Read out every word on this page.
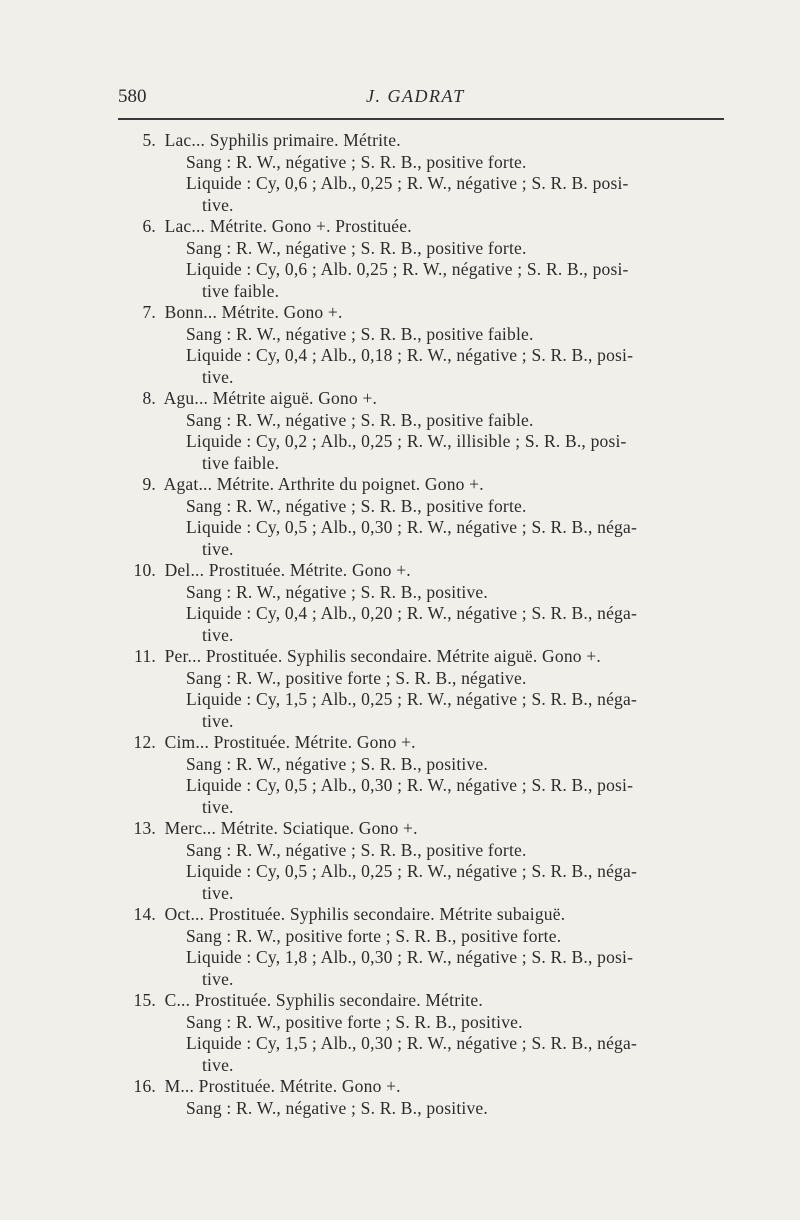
580	J. GADRAT
5. Lac... Syphilis primaire. Métrite.
Sang : R. W., négative ; S. R. B., positive forte.
Liquide : Cy, 0,6 ; Alb., 0,25 ; R. W., négative ; S. R. B. posi-
tive.
6. Lac... Métrite. Gono +. Prostituée.
Sang : R. W., négative ; S. R. B., positive forte.
Liquide : Cy, 0,6 ; Alb. 0,25 ; R. W., négative ; S. R. B., posi-
tive faible.
7. Bonn... Métrite. Gono +.
Sang : R. W., négative ; S. R. B., positive faible.
Liquide : Cy, 0,4 ; Alb., 0,18 ; R. W., négative ; S. R. B., posi-
tive.
8. Agu... Métrite aiguë. Gono +.
Sang : R. W., négative ; S. R. B., positive faible.
Liquide : Cy, 0,2 ; Alb., 0,25 ; R. W., illisible ; S. R. B., posi-
tive faible.
9. Agat... Métrite. Arthrite du poignet. Gono +.
Sang : R. W., négative ; S. R. B., positive forte.
Liquide : Cy, 0,5 ; Alb., 0,30 ; R. W., négative ; S. R. B., néga-
tive.
10. Del... Prostituée. Métrite. Gono +.
Sang : R. W., négative ; S. R. B., positive.
Liquide : Cy, 0,4 ; Alb., 0,20 ; R. W., négative ; S. R. B., néga-
tive.
11. Per... Prostituée. Syphilis secondaire. Métrite aiguë. Gono +.
Sang : R. W., positive forte ; S. R. B., négative.
Liquide : Cy, 1,5 ; Alb., 0,25 ; R. W., négative ; S. R. B., néga-
tive.
12. Cim... Prostituée. Métrite. Gono +.
Sang : R. W., négative ; S. R. B., positive.
Liquide : Cy, 0,5 ; Alb., 0,30 ; R. W., négative ; S. R. B., posi-
tive.
13. Merc... Métrite. Sciatique. Gono +.
Sang : R. W., négative ; S. R. B., positive forte.
Liquide : Cy, 0,5 ; Alb., 0,25 ; R. W., négative ; S. R. B., néga-
tive.
14. Oct... Prostituée. Syphilis secondaire. Métrite subaiguë.
Sang : R. W., positive forte ; S. R. B., positive forte.
Liquide : Cy, 1,8 ; Alb., 0,30 ; R. W., négative ; S. R. B., posi-
tive.
15. C... Prostituée. Syphilis secondaire. Métrite.
Sang : R. W., positive forte ; S. R. B., positive.
Liquide : Cy, 1,5 ; Alb., 0,30 ; R. W., négative ; S. R. B., néga-
tive.
16. M... Prostituée. Métrite. Gono +.
Sang : R. W., négative ; S. R. B., positive.
